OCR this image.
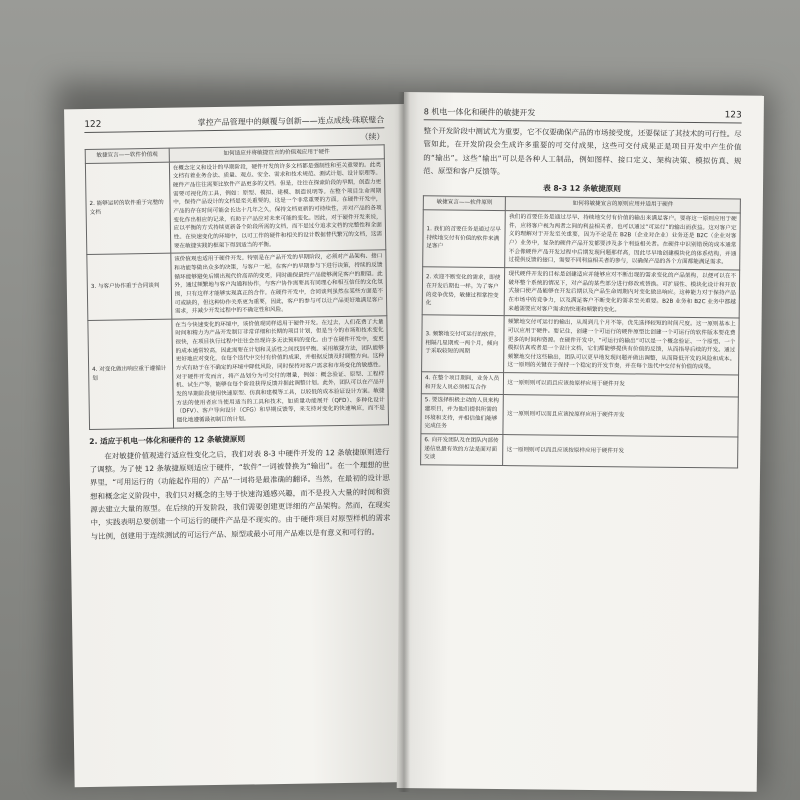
122	掌控产品管理中的颠覆与创新——连点成线·珠联璧合
（续）
敏捷宣言——软件价值观	如何适应并将敏捷宣言的价值观应用于硬件
2. 能够运转的软件重于完整的文档	在概念定义和设计的早期阶段，硬件开发的许多文档都是强制性和至关重要的。此类文档有着业务合法、质量、观点、安全、需求和技术规范、测试计划、设计原理等。硬件产品往往需要比软件产品更多的文档。但是，往往在探索阶段的早期，创造力更需要可视化的工具，例如：原型、模拟、建模、制造说明等。在整个项目生命周期中，保持产品设计的文档是至关重要的，这是一个非常重要的方面。在硬件开发中，产品的存在时间可能会长达十几年之久，保持文档更新的可持续性，并对产品的各项变化作出相应的记录，有助于产品应对未来可能的变化。因此，对于硬件开发来说，应以平衡的方式持续更新各个阶段所需的文档，而不是过分追求文档的完整性和全面性。在快速变化的环境中，以可工作的硬件和相关的设计数据替代繁冗的文档，这需要在敏捷实践的框架下得到适当的平衡。

3. 与客户协作重于合同谈判	该价值观也适用于硬件开发。特别是在产品开发的早期阶段，必须对产品架构、接口和功能等做出众多的决策，与客户一起，在客户的早期参与下进行决策，持续的反馈循环能够避免后期出现代价高昂的变更，同时确保最终产品能够满足客户的期望。此外，通过频繁地与客户沟通和协作，与客户协作需要具有同理心和相互信任的文化氛围，只有这样才能够实现真正的合作。在硬件开发中，合同谈判虽然在某些方面是不可或缺的，但这种协作关系更为重要，因此，客户的参与可以让产品更好地满足客户需求，并减少开发过程中的不确定性和风险。

4. 对变化做出响应重于遵循计划	在当今快速变化的环境中，该价值观同样适用于硬件开发。在过去，人们花费了大量时间和精力为产品开发制订非常详细和长期的项目计划，但是当今的市场和技术变化很快，在项目执行过程中往往会出现许多无法预料的变化。由于在硬件开发中，变更的成本通常较高，因此需要在计划和灵活性之间找到平衡。采用敏捷方法，团队能够更好地应对变化，在每个迭代中交付有价值的成果，并根据反馈及时调整方向。这种方式有助于在不确定的环境中降低风险，同时保持对客户需求和市场变化的敏感性。对于硬件开发而言，将产品划分为可交付的增量，例如：概念验证、原型、工程样机、试生产等，能够在每个阶段获得反馈并据此调整计划。此外，团队可以在产品开发的早期阶段使用快速原型、仿真和建模等工具，以较低的成本验证设计方案。敏捷方法的使用者应当使用适当的工具和技术，如质量功能展开（QFD）、多种化设计（DFV）、客户导向设计（CFG）和早期反馈等，来支持对变化的快速响应，而不是僵化地遵循最初制订的计划。
2. 适应于机电一体化和硬件的 12 条敏捷原则

在对敏捷价值观进行适应性变化之后，我们对表 8-3 中硬件开发的 12 条敏捷原则进行了调整。为了使 12 条敏捷原则适应于硬件，“软件”一词被替换为“输出”。在一个理想的世界里，“可用运行的（功能起作用的）产品”一词将是最准确的翻译。当然，在最初的设计思想和概念定义阶段中，我们只对概念的主导于快速沟通感兴趣，而不是投入大量的时间和资源去建立大量的原型。在后续的开发阶段，我们需要创建更详细的产品架构。然而，在现实中，实践表明总要创建一个可运行的硬件产品是不现实的。由于硬件项目对原型样机的需求与比例，创建用于连续测试的可运行产品、原型或最小可用产品难以是有意义和可行的。

8 机电一体化和硬件的敏捷开发	123

整个开发阶段中测试尤为重要，它不仅要确保产品的市场接受度，还要保证了其技术的可行性。尽管如此，在开发阶段会生成许多重要的可交付成果，这些可交付成果正是项目开发中产生价值的“输出”。这些“输出”可以是各种人工制品，例如图样、接口定义、架构决策、模拟仿真、规范、原型和客户反馈等。

表 8-3 12 条敏捷原则
敏捷宣言——软件原则	如何将敏捷宣言的原则应用并适用于硬件
1. 我们的首要任务是通过尽早持续地交付有价值的软件来满足客户	我们的首要任务是通过尽早、持续地交付有价值的输出来满足客户。要将这一原则应用于硬件，应将客户视为两者之间的利益相关者，也可以通过“可运行”的输出而获益。这对客户定义的理解对于开发至关重要，因为不论是在 B2B（企业对企业）业务还是 B2C（企业对客户）业务中，复杂的硬件产品开发都要涉及多个利益相关者。在硬件中识别错误的成本通常不会像硬件产品开发过程中后期发现问题那样高，因此尽早地创建模块化的体系结构，并通过提供反馈的接口，需要不同利益相关者的参与，以确保产品的各个方面都能满足需求。

2. 欢迎不断变化的需求，即使在开发后期也一样。为了客户的竞争优势，敏捷过程掌控变化	现代硬件开发的目标是创建适应并能够应对不断出现的需求变化的产品架构，以便可以在不破坏整个系统的情况下，对产品的某些部分进行修改或替换。可扩展性、模块化设计和开放式接口使产品能够在开发后期以及产品生命周期内对变化做出响应。这种能力对于保持产品在市场中的竞争力，以及满足客户不断变化的需求至关重要。B2B 业务和 B2C 业务中都越来越需要应对客户需求的快速和频繁的变化。

3. 频繁地交付可运行的软件，相隔几星期或一两个月，倾向于采取较短的周期	频繁地交付可运行的输出，从周到几个月不等，优先选择较短的时间尺度。这一原则基本上可以应用于硬件。要记住，创建一个可运行的硬件原型比创建一个可运行的软件版本要花费更多的时间和资源。在硬件开发中，“可运行的输出”可以是一个概念验证、一个原型、一个模拟仿真或者是一个设计文档，它们都能够提供有价值的反馈，从而指导后续的开发。通过频繁地交付这些输出，团队可以更早地发现问题并做出调整，从而降低开发的风险和成本。这一原则的关键在于保持一个稳定的开发节奏，并在每个迭代中交付有价值的成果。

4. 在整个项目期间，业务人员和开发人员必须相互合作	这一原则则可以而且应该按原样应用于硬件开发

5. 要选择积极主动的人员来构建项目，并为他们提供所需的环境和支持，并相信他们能够完成任务	这一原则则可以而且应该按原样应用于硬件开发

6. 向开发团队及在团队内部传递信息最有效的方法是面对面交谈	这一原则则可以而且应该按原样应用于硬件开发
